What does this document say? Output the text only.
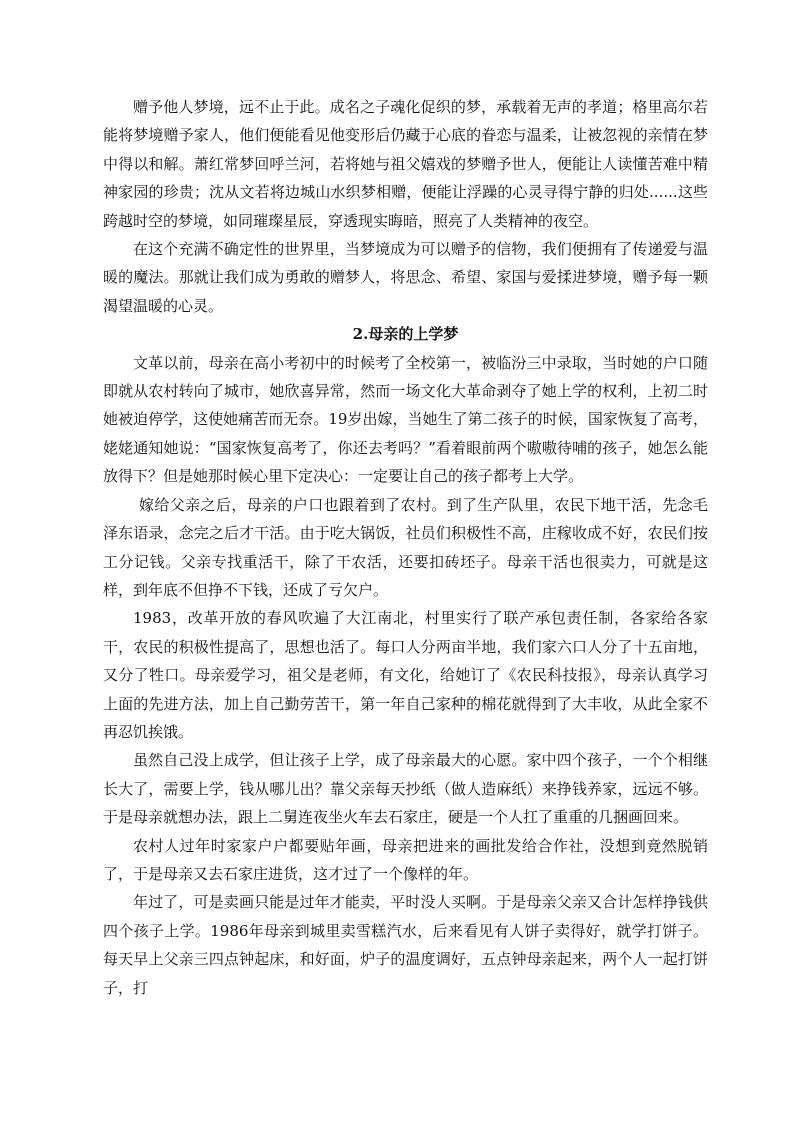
赠予他人梦境，远不止于此。成名之子魂化促织的梦，承载着无声的孝道；格里高尔若能将梦境赠予家人，他们便能看见他变形后仍藏于心底的眷恋与温柔，让被忽视的亲情在梦中得以和解。萧红常梦回呼兰河，若将她与祖父嬉戏的梦赠予世人，便能让人读懂苦难中精神家园的珍贵；沈从文若将边城山水织梦相赠，便能让浮躁的心灵寻得宁静的归处......这些跨越时空的梦境，如同璀璨星辰，穿透现实晦暗，照亮了人类精神的夜空。

在这个充满不确定性的世界里，当梦境成为可以赠予的信物，我们便拥有了传递爱与温暖的魔法。那就让我们成为勇敢的赠梦人，将思念、希望、家国与爱揉进梦境，赠予每一颗渴望温暖的心灵。

2.母亲的上学梦

文革以前，母亲在高小考初中的时候考了全校第一，被临汾三中录取，当时她的户口随即就从农村转向了城市，她欣喜异常，然而一场文化大革命剥夺了她上学的权利，上初二时她被迫停学，这使她痛苦而无奈。19岁出嫁，当她生了第二孩子的时候，国家恢复了高考，姥姥通知她说：“国家恢复高考了，你还去考吗？”看着眼前两个嗷嗷待哺的孩子，她怎么能放得下？但是她那时候心里下定决心：一定要让自己的孩子都考上大学。

嫁给父亲之后，母亲的户口也跟着到了农村。到了生产队里，农民下地干活，先念毛泽东语录，念完之后才干活。由于吃大锅饭，社员们积极性不高，庄稼收成不好，农民们按工分记钱。父亲专找重活干，除了干农活，还要扣砖坯子。母亲干活也很卖力，可就是这样，到年底不但挣不下钱，还成了亏欠户。

1983，改革开放的春风吹遍了大江南北，村里实行了联产承包责任制，各家给各家干，农民的积极性提高了，思想也活了。每口人分两亩半地，我们家六口人分了十五亩地，又分了牲口。母亲爱学习，祖父是老师，有文化，给她订了《农民科技报》，母亲认真学习上面的先进方法，加上自己勤劳苦干，第一年自己家种的棉花就得到了大丰收，从此全家不再忍饥挨饿。

虽然自己没上成学，但让孩子上学，成了母亲最大的心愿。家中四个孩子，一个个相继长大了，需要上学，钱从哪儿出？靠父亲每天抄纸（做人造麻纸）来挣钱养家，远远不够。于是母亲就想办法，跟上二舅连夜坐火车去石家庄，硬是一个人扛了重重的几捆画回来。

农村人过年时家家户户都要贴年画，母亲把进来的画批发给合作社，没想到竟然脱销了，于是母亲又去石家庄进货，这才过了一个像样的年。

年过了，可是卖画只能是过年才能卖，平时没人买啊。于是母亲父亲又合计怎样挣钱供四个孩子上学。1986年母亲到城里卖雪糕汽水，后来看见有人饼子卖得好，就学打饼子。每天早上父亲三四点钟起床，和好面，炉子的温度调好，五点钟母亲起来，两个人一起打饼子，打
